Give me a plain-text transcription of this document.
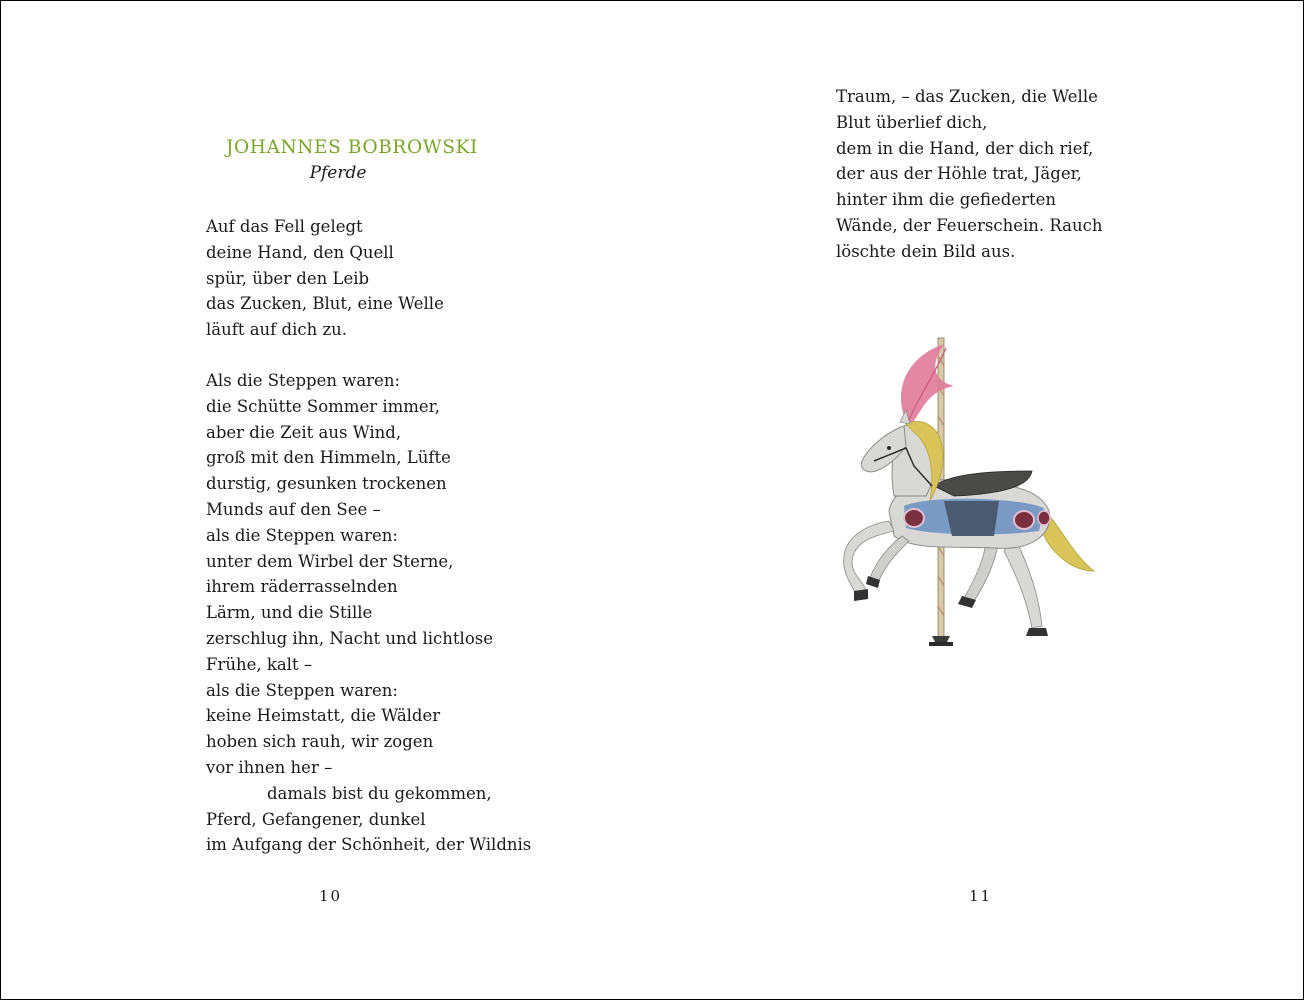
JOHANNES BOBROWSKI
Pferde
Auf das Fell gelegt
deine Hand, den Quell
spür, über den Leib
das Zucken, Blut, eine Welle
läuft auf dich zu.
Als die Steppen waren:
die Schütte Sommer immer,
aber die Zeit aus Wind,
groß mit den Himmeln, Lüfte
durstig, gesunken trockenen
Munds auf den See –
als die Steppen waren:
unter dem Wirbel der Sterne,
ihrem räderrasselnden
Lärm, und die Stille
zerschlug ihn, Nacht und lichtlose
Frühe, kalt –
als die Steppen waren:
keine Heimstatt, die Wälder
hoben sich rauh, wir zogen
vor ihnen her –
damals bist du gekommen,
Pferd, Gefangener, dunkel
im Aufgang der Schönheit, der Wildnis
10
Traum, – das Zucken, die Welle
Blut überlief dich,
dem in die Hand, der dich rief,
der aus der Höhle trat, Jäger,
hinter ihm die gefiederten
Wände, der Feuerschein. Rauch
löschte dein Bild aus.
11
